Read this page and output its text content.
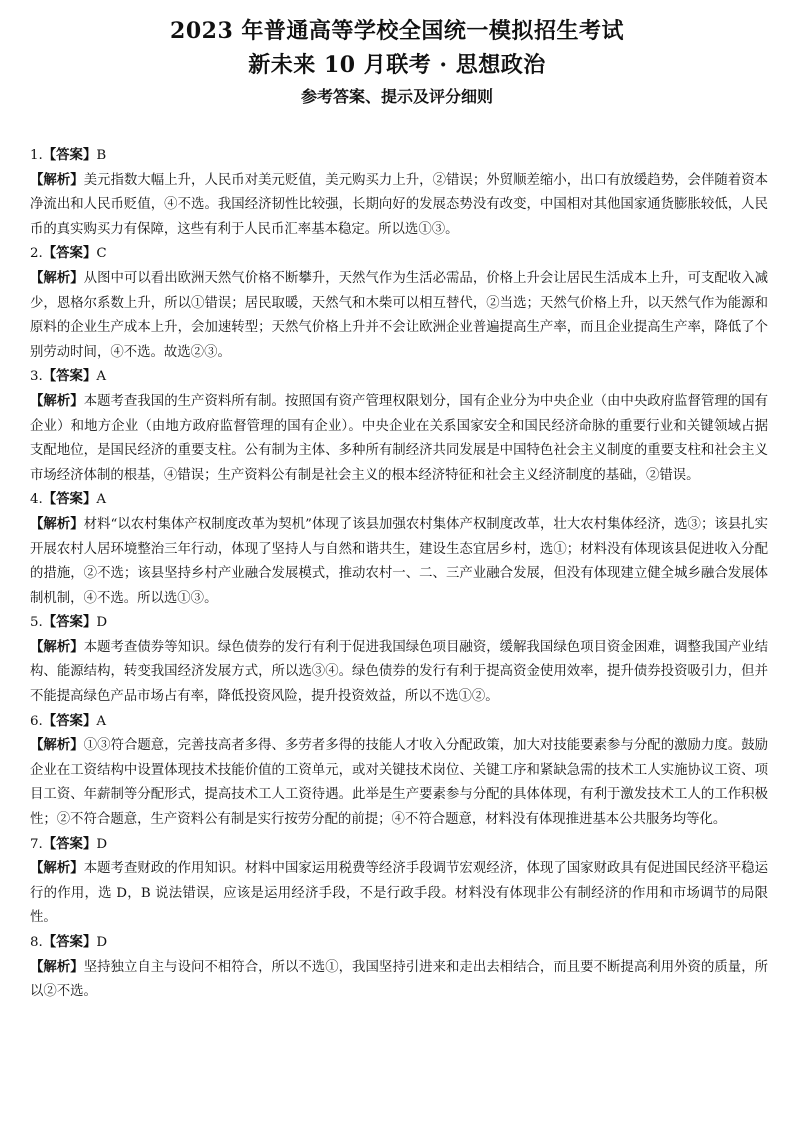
2023 年普通高等学校全国统一模拟招生考试

新未来 10 月联考 · 思想政治

参考答案、提示及评分细则

1.【答案】B

【解析】美元指数大幅上升，人民币对美元贬值，美元购买力上升，②错误；外贸顺差缩小，出口有放缓趋势，会伴随着资本净流出和人民币贬值，④不选。我国经济韧性比较强，长期向好的发展态势没有改变，中国相对其他国家通货膨胀较低，人民币的真实购买力有保障，这些有利于人民币汇率基本稳定。所以选①③。

2.【答案】C

【解析】从图中可以看出欧洲天然气价格不断攀升，天然气作为生活必需品，价格上升会让居民生活成本上升，可支配收入减少，恩格尔系数上升，所以①错误；居民取暖，天然气和木柴可以相互替代，②当选；天然气价格上升，以天然气作为能源和原料的企业生产成本上升，会加速转型；天然气价格上升并不会让欧洲企业普遍提高生产率，而且企业提高生产率，降低了个别劳动时间，④不选。故选②③。

3.【答案】A

【解析】本题考查我国的生产资料所有制。按照国有资产管理权限划分，国有企业分为中央企业（由中央政府监督管理的国有企业）和地方企业（由地方政府监督管理的国有企业）。中央企业在关系国家安全和国民经济命脉的重要行业和关键领域占据支配地位，是国民经济的重要支柱。公有制为主体、多种所有制经济共同发展是中国特色社会主义制度的重要支柱和社会主义市场经济体制的根基，④错误；生产资料公有制是社会主义的根本经济特征和社会主义经济制度的基础，②错误。

4.【答案】A

【解析】材料“以农村集体产权制度改革为契机”体现了该县加强农村集体产权制度改革，壮大农村集体经济，选③；该县扎实开展农村人居环境整治三年行动，体现了坚持人与自然和谐共生，建设生态宜居乡村，选①；材料没有体现该县促进收入分配的措施，②不选；该县坚持乡村产业融合发展模式，推动农村一、二、三产业融合发展，但没有体现建立健全城乡融合发展体制机制，④不选。所以选①③。

5.【答案】D

【解析】本题考查债券等知识。绿色债券的发行有利于促进我国绿色项目融资，缓解我国绿色项目资金困难，调整我国产业结构、能源结构，转变我国经济发展方式，所以选③④。绿色债券的发行有利于提高资金使用效率，提升债券投资吸引力，但并不能提高绿色产品市场占有率，降低投资风险，提升投资效益，所以不选①②。

6.【答案】A

【解析】①③符合题意，完善技高者多得、多劳者多得的技能人才收入分配政策，加大对技能要素参与分配的激励力度。鼓励企业在工资结构中设置体现技术技能价值的工资单元，或对关键技术岗位、关键工序和紧缺急需的技术工人实施协议工资、项目工资、年薪制等分配形式，提高技术工人工资待遇。此举是生产要素参与分配的具体体现，有利于激发技术工人的工作积极性；②不符合题意，生产资料公有制是实行按劳分配的前提；④不符合题意，材料没有体现推进基本公共服务均等化。

7.【答案】D

【解析】本题考查财政的作用知识。材料中国家运用税费等经济手段调节宏观经济，体现了国家财政具有促进国民经济平稳运行的作用，选 D，B 说法错误，应该是运用经济手段，不是行政手段。材料没有体现非公有制经济的作用和市场调节的局限性。

8.【答案】D

【解析】坚持独立自主与设问不相符合，所以不选①，我国坚持引进来和走出去相结合，而且要不断提高利用外资的质量，所以②不选。
